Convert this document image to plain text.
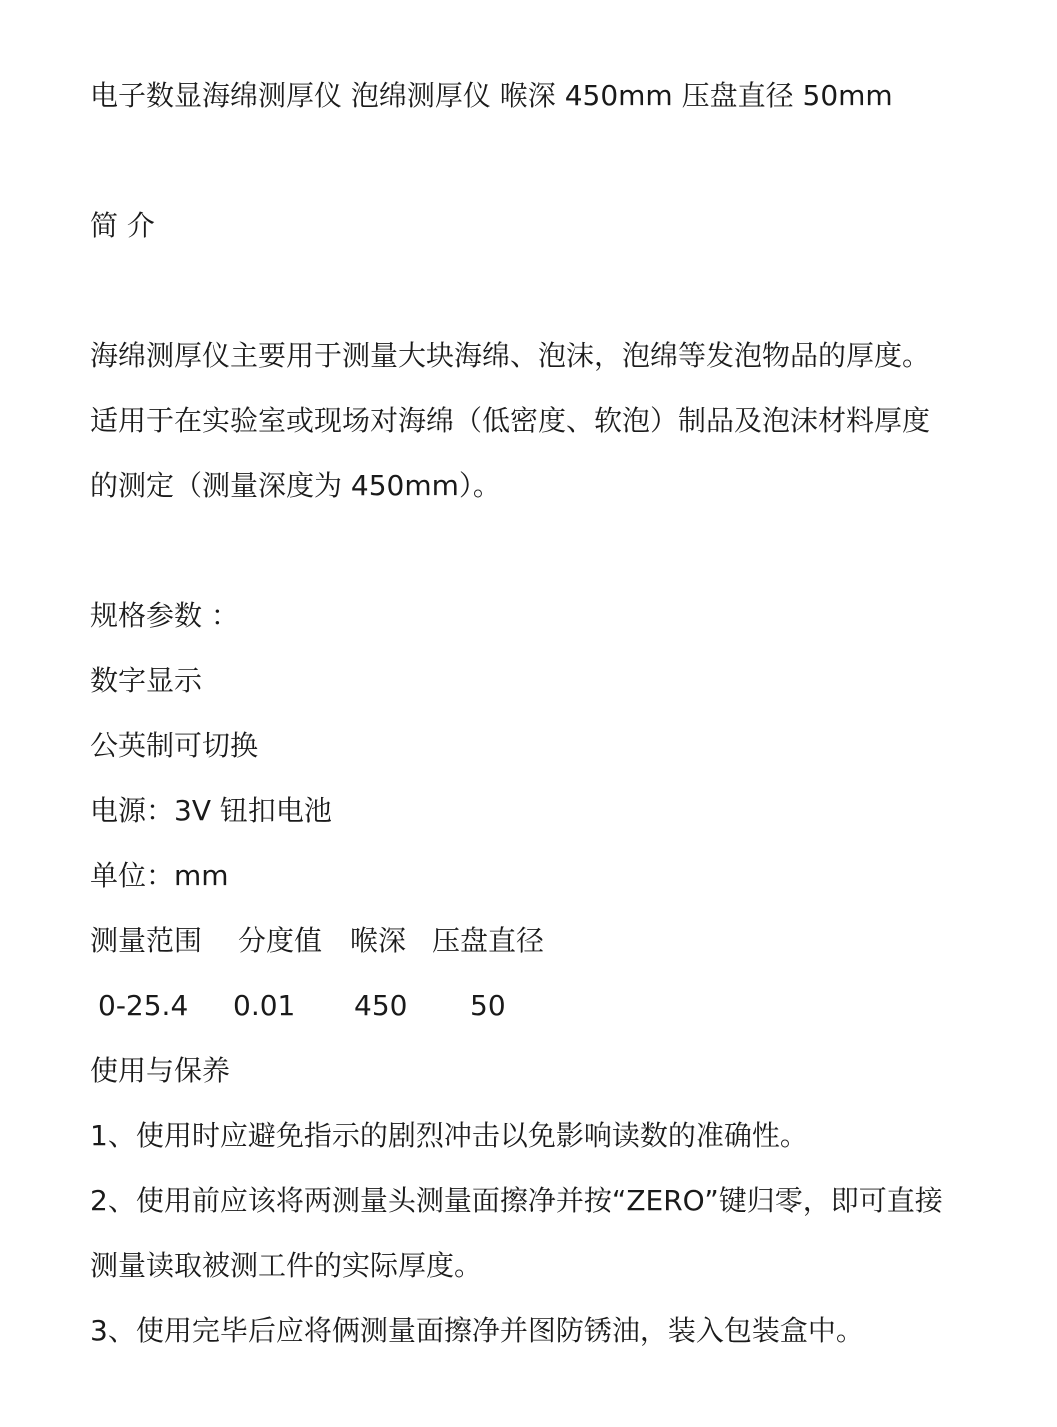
电子数显海绵测厚仪 泡绵测厚仪 喉深 450mm 压盘直径 50mm
简 介
海绵测厚仪主要用于测量大块海绵、泡沫，泡绵等发泡物品的厚度。
适用于在实验室或现场对海绵（低密度、软泡）制品及泡沫材料厚度
的测定（测量深度为 450mm）。
规格参数 ：
数字显示
公英制可切换
电源：3V 钮扣电池
单位：mm
测量范围 分度值 喉深 压盘直径
0-25.4 0.01 450 50
使用与保养
1、使用时应避免指示的剧烈冲击以免影响读数的准确性。
2、使用前应该将两测量头测量面擦净并按“ZERO”键归零，即可直接
测量读取被测工件的实际厚度。
3、使用完毕后应将俩测量面擦净并图防锈油，装入包装盒中。
